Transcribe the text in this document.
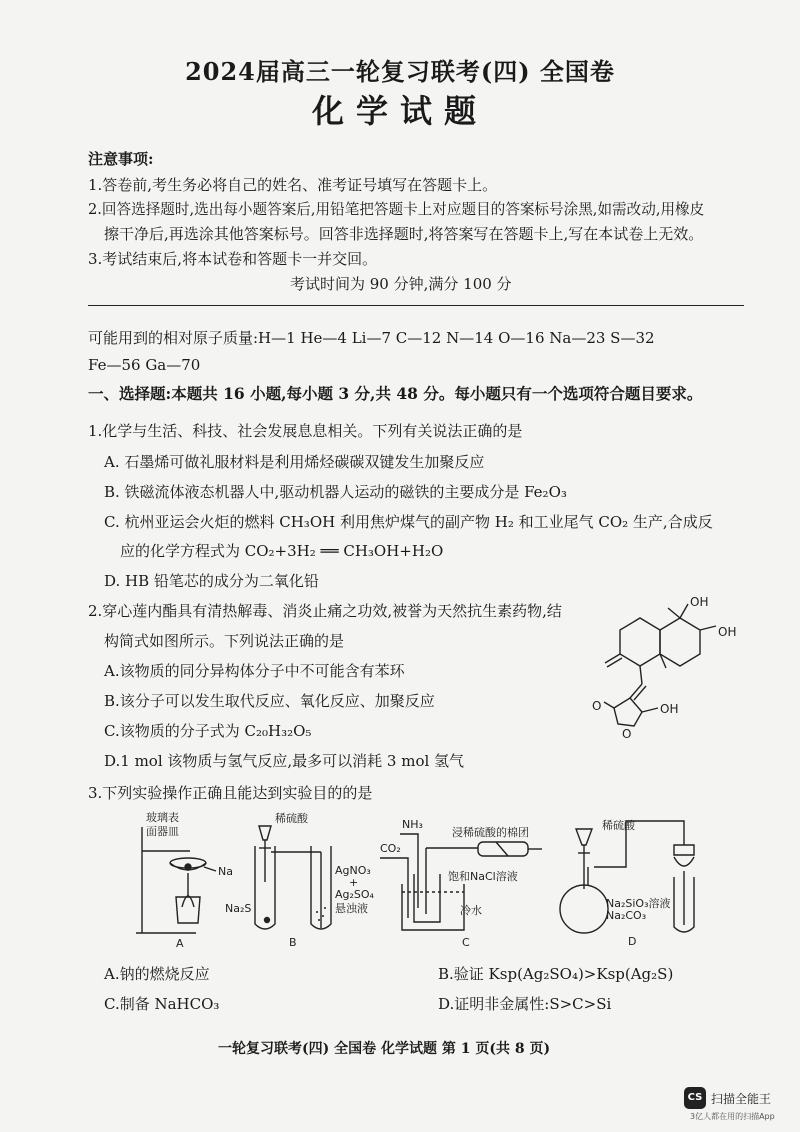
2024届高三一轮复习联考(四) 全国卷
化学试题
注意事项:
1.答卷前,考生务必将自己的姓名、准考证号填写在答题卡上。
2.回答选择题时,选出每小题答案后,用铅笔把答题卡上对应题目的答案标号涂黑,如需改动,用橡皮
擦干净后,再选涂其他答案标号。回答非选择题时,将答案写在答题卡上,写在本试卷上无效。
3.考试结束后,将本试卷和答题卡一并交回。
考试时间为 90 分钟,满分 100 分
可能用到的相对原子质量:H—1 He—4 Li—7 C—12 N—14 O—16 Na—23 S—32
Fe—56 Ga—70
一、选择题:本题共 16 小题,每小题 3 分,共 48 分。每小题只有一个选项符合题目要求。
1.化学与生活、科技、社会发展息息相关。下列有关说法正确的是
A. 石墨烯可做礼服材料是利用烯烃碳碳双键发生加聚反应
B. 铁磁流体液态机器人中,驱动机器人运动的磁铁的主要成分是 Fe₂O₃
C. 杭州亚运会火炬的燃料 CH₃OH 利用焦炉煤气的副产物 H₂ 和工业尾气 CO₂ 生产,合成反
应的化学方程式为 CO₂+3H₂ ══ CH₃OH+H₂O
D. HB 铅笔芯的成分为二氧化铅
2.穿心莲内酯具有清热解毒、消炎止痛之功效,被誉为天然抗生素药物,结
构简式如图所示。下列说法正确的是
A.该物质的同分异构体分子中不可能含有苯环
B.该分子可以发生取代反应、氧化反应、加聚反应
C.该物质的分子式为 C₂₀H₃₂O₅
D.1 mol 该物质与氢气反应,最多可以消耗 3 mol 氢气
OH
OH
OH
O
O
3.下列实验操作正确且能达到实验目的的是
玻璃表
面器皿
Na
A
稀硫酸
Na₂S
AgNO₃
+
Ag₂SO₄
悬浊液
B
NH₃
CO₂
浸稀硫酸的棉团
饱和NaCl溶液
冷水
C
稀硫酸
Na₂SiO₃溶液
Na₂CO₃
D
A.钠的燃烧反应	B.验证 Ksp(Ag₂SO₄)>Ksp(Ag₂S)
C.制备 NaHCO₃	D.证明非金属性:S>C>Si
一轮复习联考(四) 全国卷 化学试题 第 1 页(共 8 页)
CS 扫描全能王
3亿人都在用的扫描App
